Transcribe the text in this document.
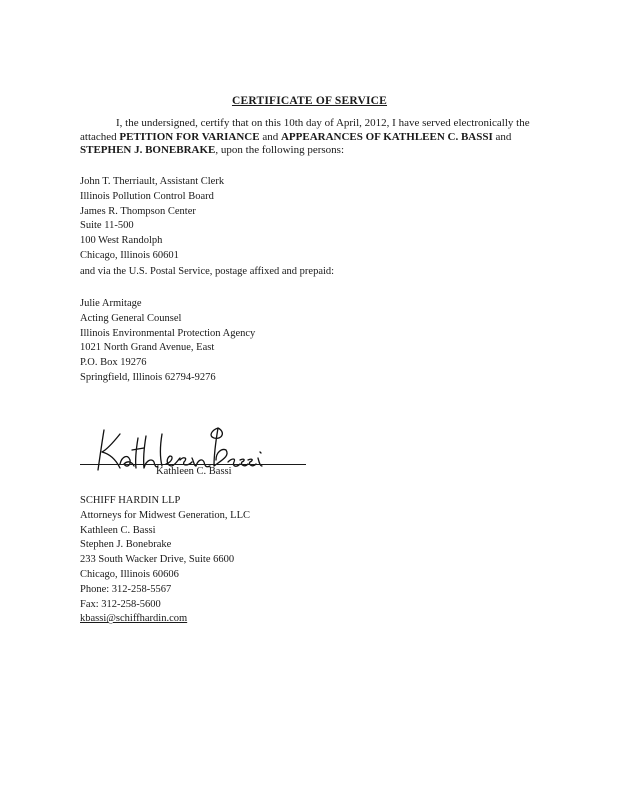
CERTIFICATE OF SERVICE

I, the undersigned, certify that on this 10th day of April, 2012, I have served electronically the attached PETITION FOR VARIANCE and APPEARANCES OF KATHLEEN C. BASSI and STEPHEN J. BONEBRAKE, upon the following persons:

John T. Therriault, Assistant Clerk
Illinois Pollution Control Board
James R. Thompson Center
Suite 11-500
100 West Randolph
Chicago, Illinois 60601
and via the U.S. Postal Service, postage affixed and prepaid:
Julie Armitage
Acting General Counsel
Illinois Environmental Protection Agency
1021 North Grand Avenue, East
P.O. Box 19276
Springfield, Illinois 62794-9276
Kathleen C. Bassi
SCHIFF HARDIN LLP
Attorneys for Midwest Generation, LLC
Kathleen C. Bassi
Stephen J. Bonebrake
233 South Wacker Drive, Suite 6600
Chicago, Illinois 60606
Phone: 312-258-5567
Fax: 312-258-5600
kbassi@schiffhardin.com
